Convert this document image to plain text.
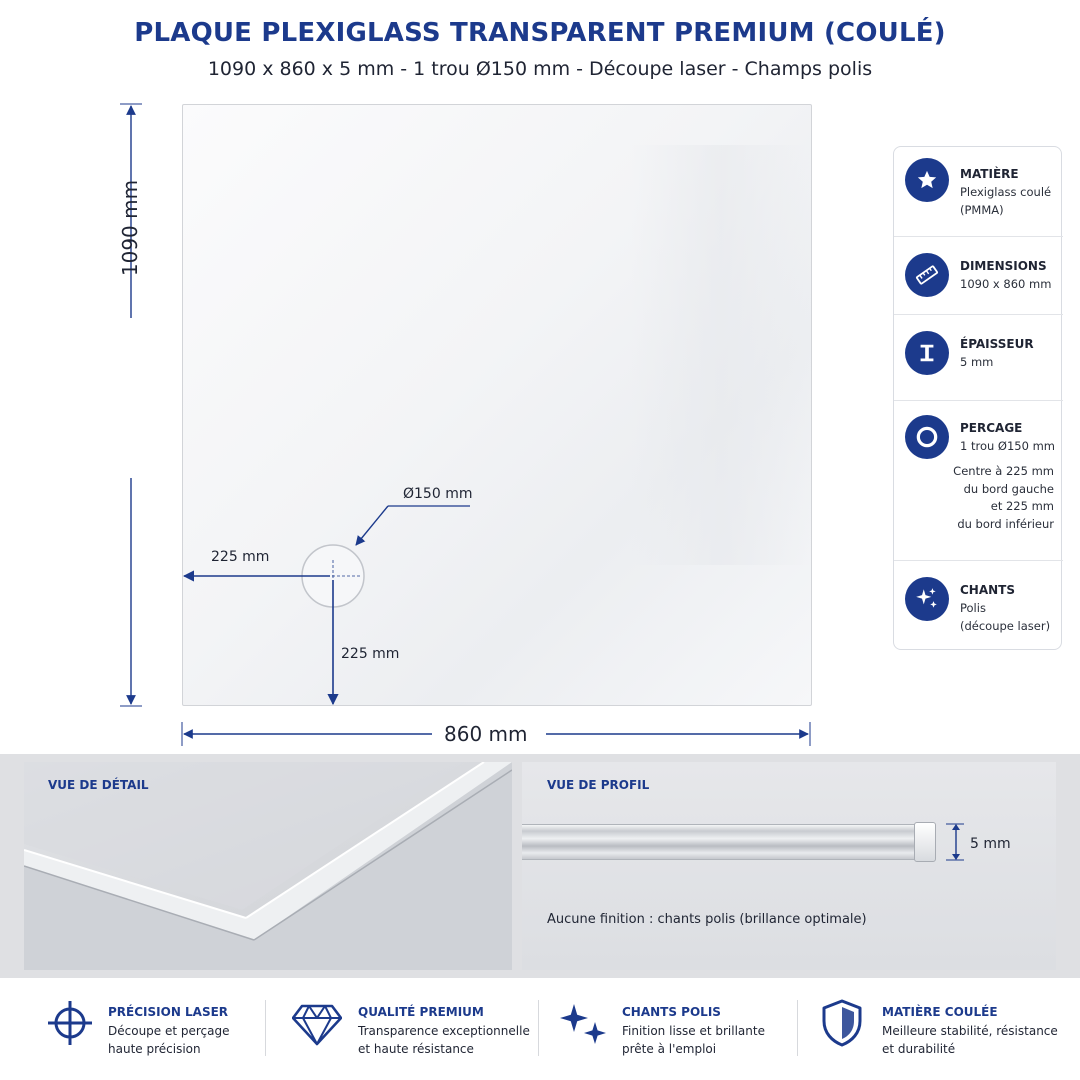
PLAQUE PLEXIGLASS TRANSPARENT PREMIUM (COULÉ)
1090 x 860 x 5 mm - 1 trou Ø150 mm - Découpe laser - Champs polis
1090 mm
860 mm
Ø150 mm
225 mm
225 mm
MATIÈRE
Plexiglass coulé
(PMMA)
DIMENSIONS
1090 x 860 mm
ÉPAISSEUR
5 mm
PERCAGE
1 trou Ø150 mm
Centre à 225 mm
du bord gauche
et 225 mm
du bord inférieur
CHANTS
Polis
(découpe laser)
VUE DE DÉTAIL	VUE DE PROFIL
5 mm
Aucune finition : chants polis (brillance optimale)
PRÉCISION LASER
Découpe et perçage
haute précision
QUALITÉ PREMIUM
Transparence exceptionnelle
et haute résistance
CHANTS POLIS
Finition lisse et brillante
prête à l'emploi
MATIÈRE COULÉE
Meilleure stabilité, résistance
et durabilité
